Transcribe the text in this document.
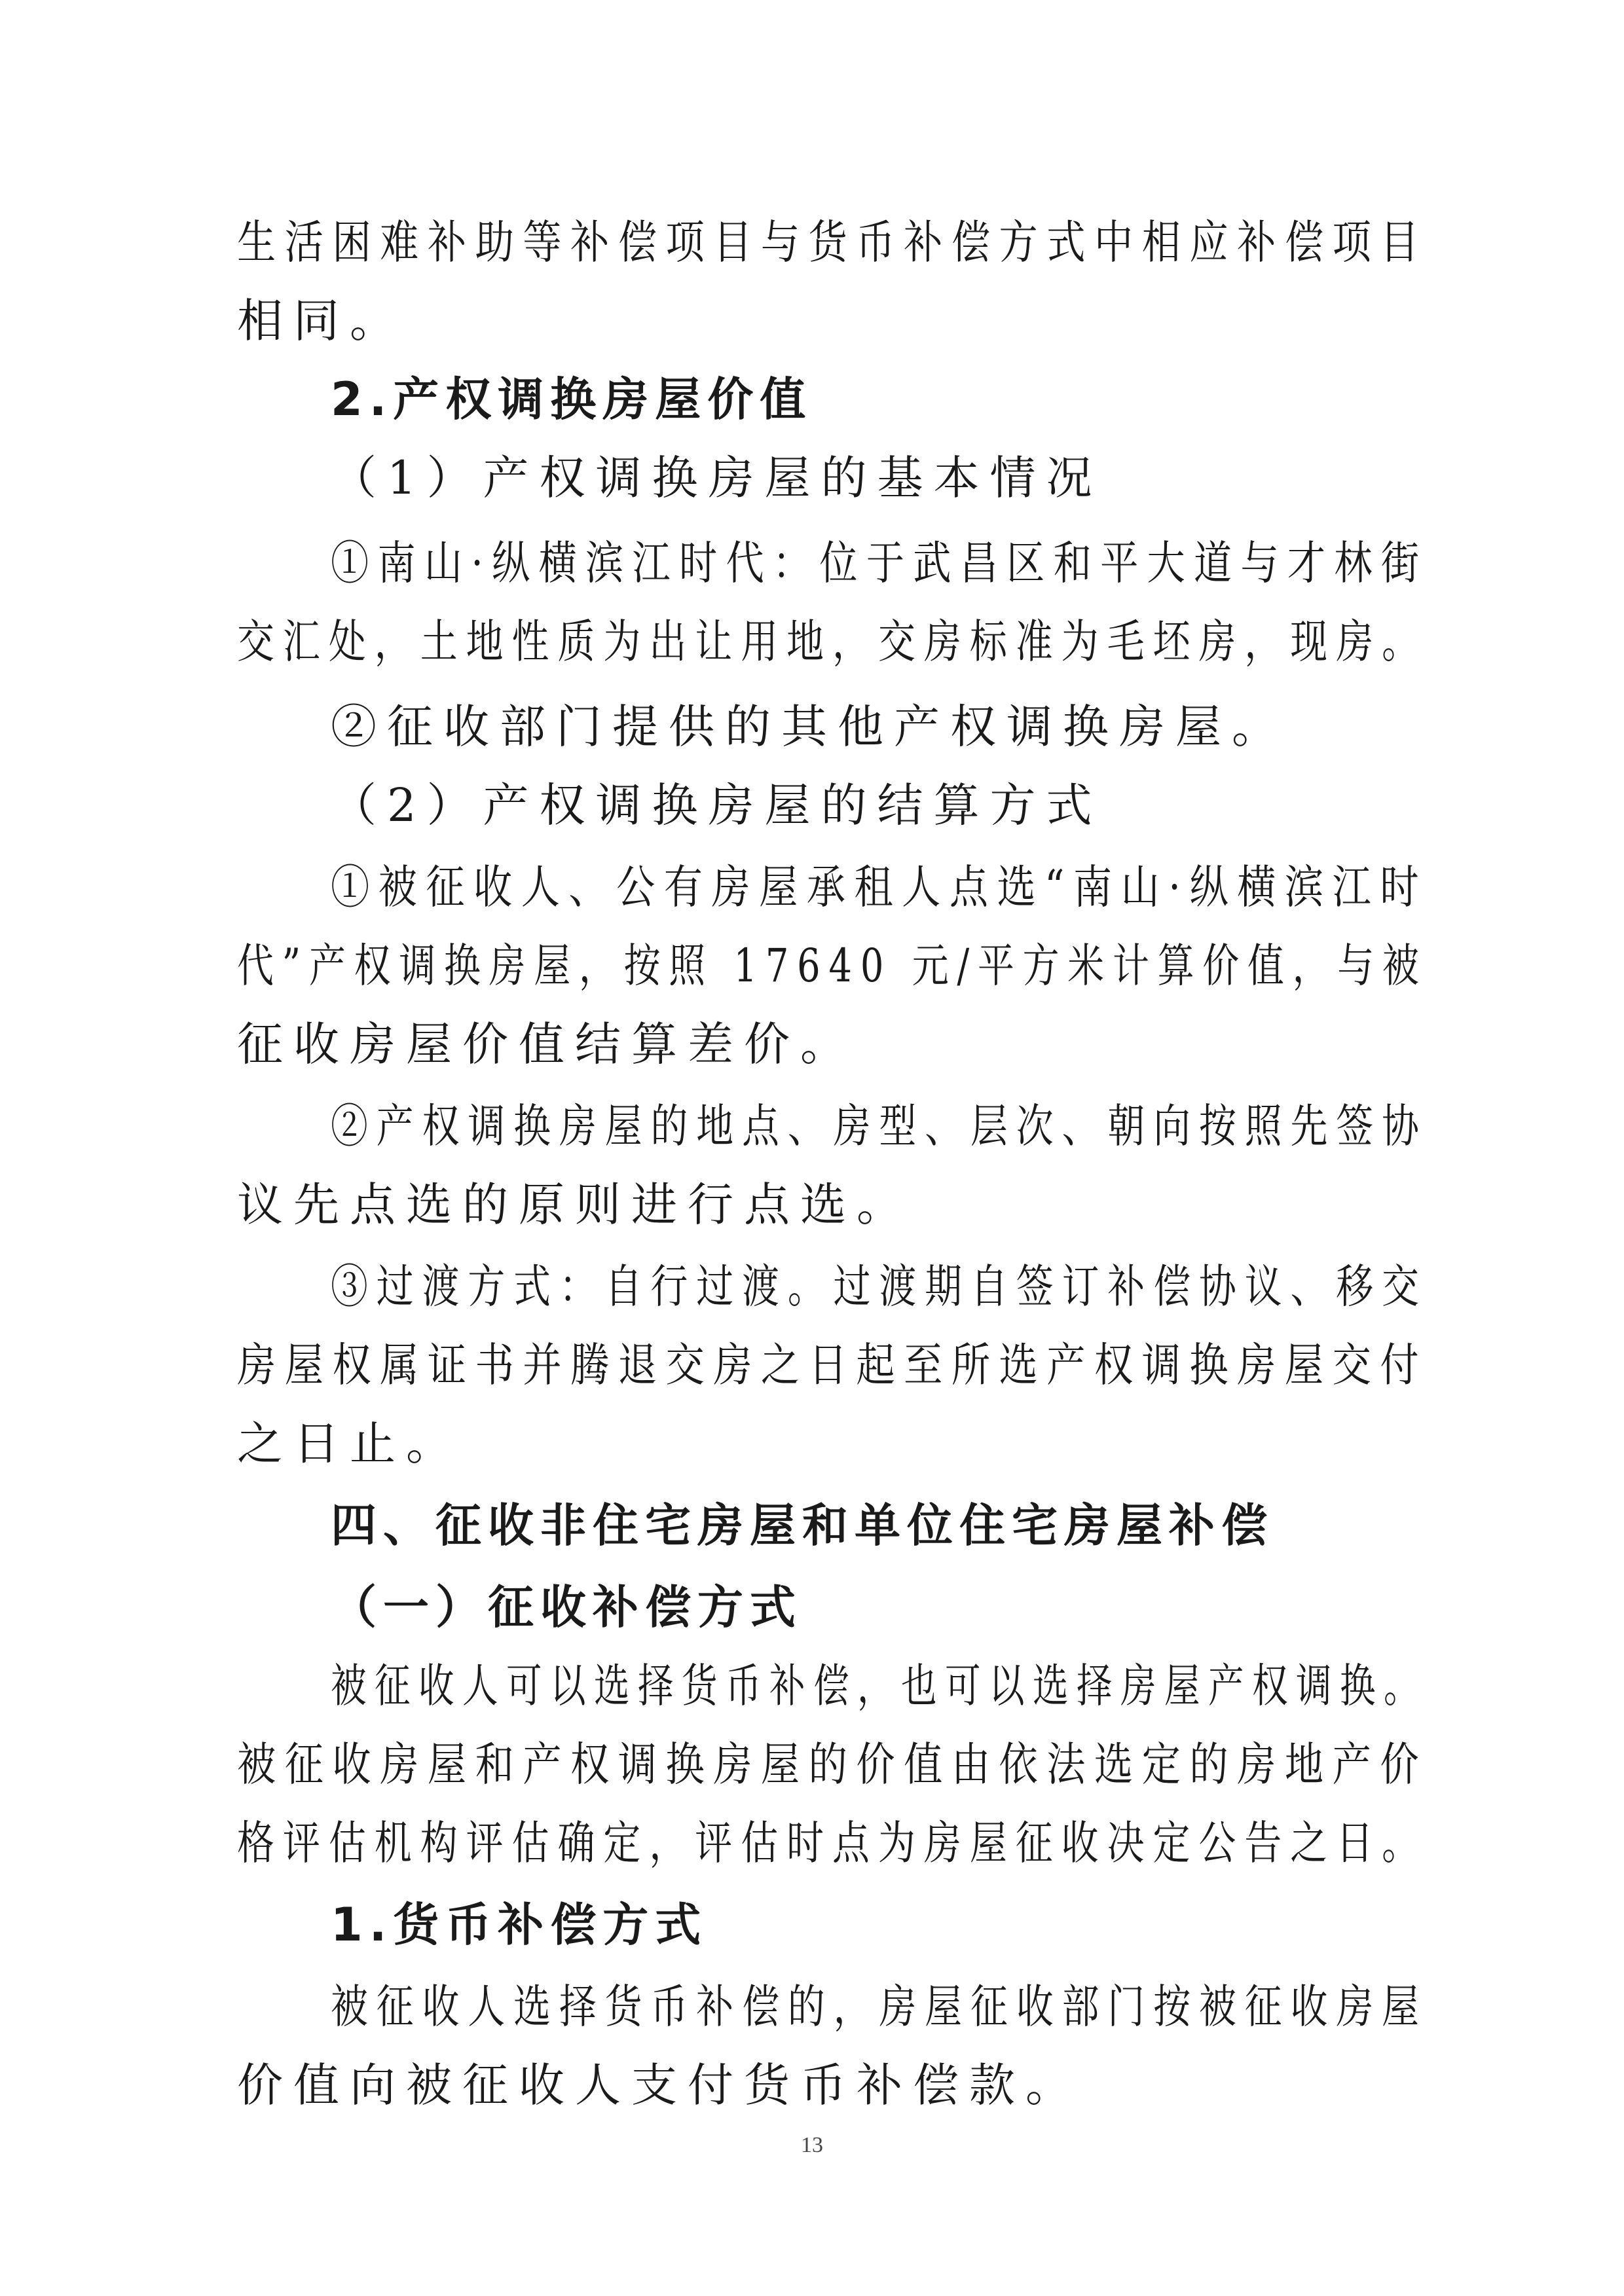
生活困难补助等补偿项目与货币补偿方式中相应补偿项目

相同。

2.产权调换房屋价值

（1）产权调换房屋的基本情况

①南山·纵横滨江时代：位于武昌区和平大道与才林街

交汇处，土地性质为出让用地，交房标准为毛坯房，现房。

②征收部门提供的其他产权调换房屋。

（2）产权调换房屋的结算方式

①被征收人、公有房屋承租人点选“南山·纵横滨江时

代”产权调换房屋，按照 17640 元/平方米计算价值，与被

征收房屋价值结算差价。

②产权调换房屋的地点、房型、层次、朝向按照先签协

议先点选的原则进行点选。

③过渡方式：自行过渡。过渡期自签订补偿协议、移交

房屋权属证书并腾退交房之日起至所选产权调换房屋交付

之日止。

四、征收非住宅房屋和单位住宅房屋补偿

（一）征收补偿方式

被征收人可以选择货币补偿，也可以选择房屋产权调换。

被征收房屋和产权调换房屋的价值由依法选定的房地产价

格评估机构评估确定，评估时点为房屋征收决定公告之日。

1.货币补偿方式

被征收人选择货币补偿的，房屋征收部门按被征收房屋

价值向被征收人支付货币补偿款。

13
